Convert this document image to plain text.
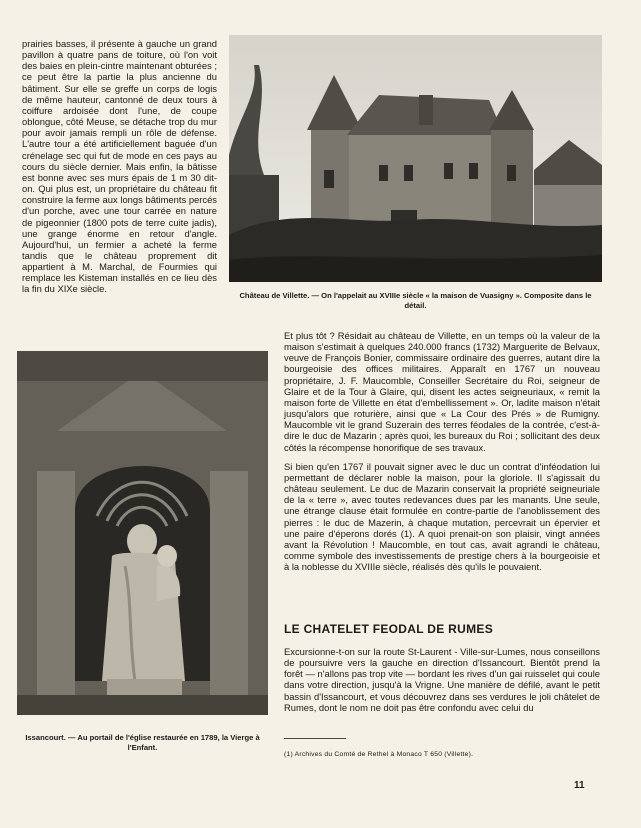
prairies basses, il présente à gauche un grand pavillon à quatre pans de toiture, où l'on voit des baies en plein-cintre maintenant obturées ; ce peut être la partie la plus ancienne du bâtiment. Sur elle se greffe un corps de logis de même hauteur, cantonné de deux tours à coiffure ardoisée dont l'une, de coupe oblongue, côté Meuse, se détache trop du mur pour avoir jamais rempli un rôle de défense. L'autre tour a été artificiellement baguée d'un crénelage sec qui fut de mode en ces pays au cours du siècle dernier. Mais enfin, la bâtisse est bonne avec ses murs épais de 1 m 30 dit-on. Qui plus est, un propriétaire du château fit construire la ferme aux longs bâtiments percés d'un porche, avec une tour carrée en nature de pigeonnier (1800 pots de terre cuite jadis), une grange énorme en retour d'angle. Aujourd'hui, un fermier a acheté la ferme tandis que le château proprement dit appartient à M. Marchal, de Fourmies qui remplace les Kisteman installés en ce lieu dès la fin du XIXe siècle.

Château de Villette. — On l'appelait au XVIIIe siècle « la maison de Vuasigny ». Composite dans le détail.
Issancourt. — Au portail de l'église restaurée en 1789, la Vierge à l'Enfant.

Et plus tôt ? Résidait au château de Villette, en un temps où la valeur de la maison s'estimait à quelques 240.000 francs (1732) Marguerite de Belvaux, veuve de François Bonier, commissaire ordinaire des guerres, autant dire la bourgeoisie des offices militaires. Apparaît en 1767 un nouveau propriétaire, J. F. Maucomble, Conseiller Secrétaire du Roi, seigneur de Glaire et de la Tour à Glaire, qui, disent les actes seigneuriaux, « remit la maison forte de Villette en état d'embellissement ». Or, ladite maison n'était jusqu'alors que roturière, ainsi que « La Cour des Prés » de Rumigny. Maucomble vit le grand Suzerain des terres féodales de la contrée, c'est-à-dire le duc de Mazarin ; après quoi, les bureaux du Roi ; sollicitant des deux côtés la récompense honorifique de ses travaux.

Si bien qu'en 1767 il pouvait signer avec le duc un contrat d'inféodation lui permettant de déclarer noble la maison, pour la gloriole. Il s'agissait du château seulement. Le duc de Mazarin conservait la propriété seigneuriale de la « terre », avec toutes redevances dues par les manants. Une seule, une étrange clause était formulée en contre-partie de l'anoblissement des pierres : le duc de Mazerin, à chaque mutation, percevrait un épervier et une paire d'éperons dorés (1). A quoi prenait-on son plaisir, vingt années avant la Révolution ! Maucomble, en tout cas, avait agrandi le château, comme symbole des investissements de prestige chers à la bourgeoisie et à la noblesse du XVIIIe siècle, réalisés dès qu'ils le pouvaient.

LE CHATELET FEODAL DE RUMES

Excursionne-t-on sur la route St-Laurent - Ville-sur-Lumes, nous conseillons de poursuivre vers la gauche en direction d'Issancourt. Bientôt prend la forêt — n'allons pas trop vite — bordant les rives d'un gai ruisselet qui coule dans votre direction, jusqu'à la Vrigne. Une manière de défilé, avant le petit bassin d'Issancourt, et vous découvrez dans ses verdures le joli châtelet de Rumes, dont le nom ne doit pas être confondu avec celui du

(1) Archives du Comté de Rethel à Monaco T 650 (Villette).
11
